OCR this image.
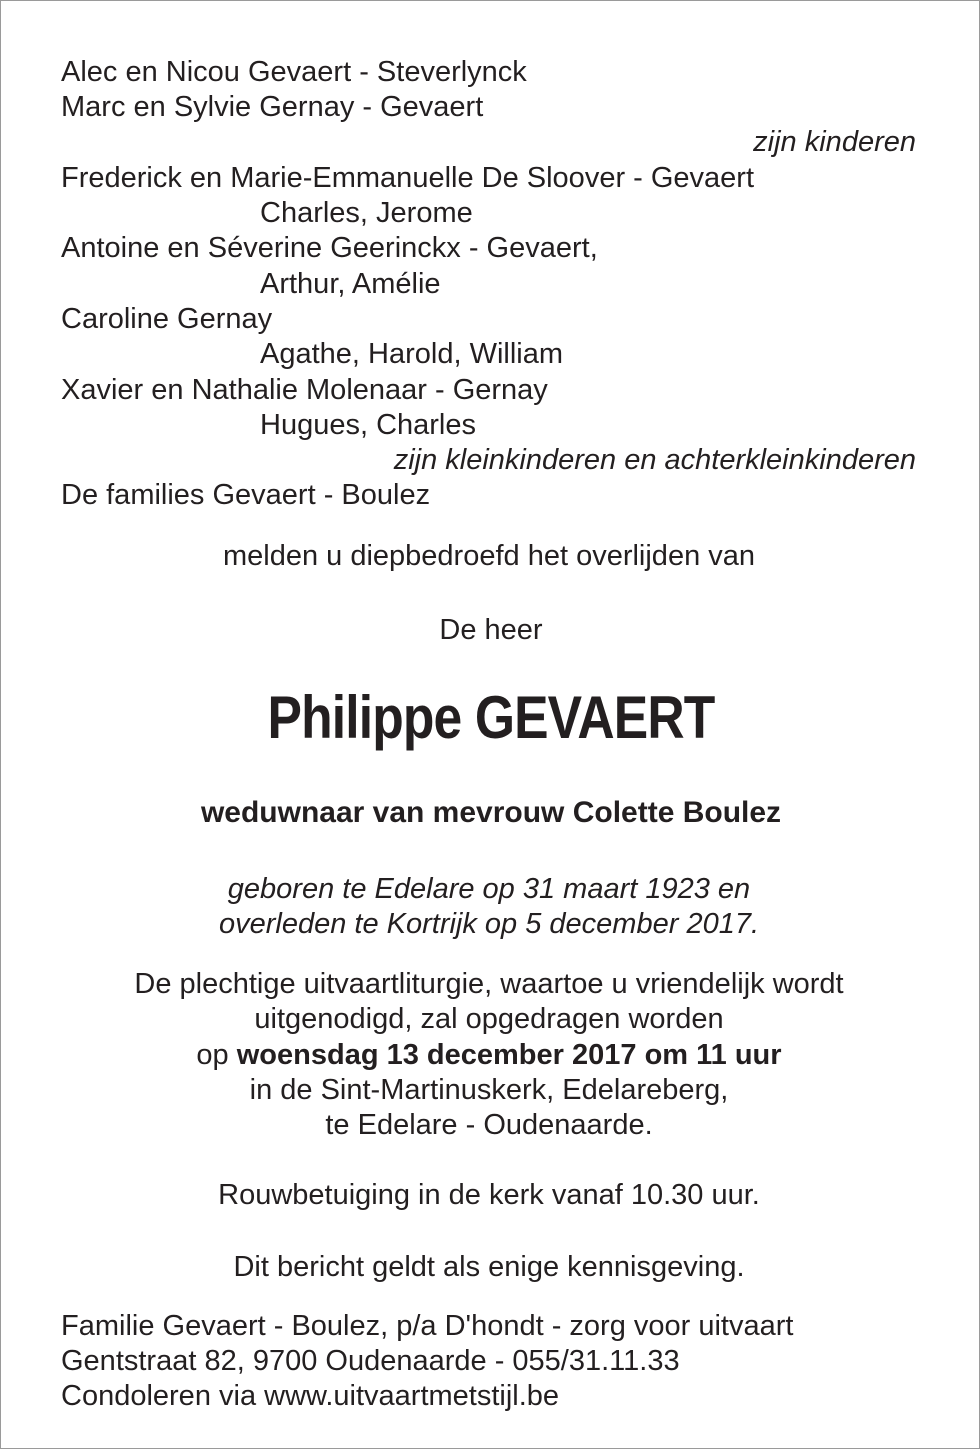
Alec en Nicou Gevaert - Steverlynck
Marc en Sylvie Gernay - Gevaert
zijn kinderen
Frederick en Marie-Emmanuelle De Sloover - Gevaert
Charles, Jerome
Antoine en Séverine Geerinckx - Gevaert,
Arthur, Amélie
Caroline Gernay
Agathe, Harold, William
Xavier en Nathalie Molenaar - Gernay
Hugues, Charles
zijn kleinkinderen en achterkleinkinderen
De families Gevaert - Boulez
melden u diepbedroefd het overlijden van
De heer
Philippe GEVAERT
weduwnaar van mevrouw Colette Boulez
geboren te Edelare op 31 maart 1923 en
overleden te Kortrijk op 5 december 2017.
De plechtige uitvaartliturgie, waartoe u vriendelijk wordt
uitgenodigd, zal opgedragen worden
op woensdag 13 december 2017 om 11 uur
in de Sint-Martinuskerk, Edelareberg,
te Edelare - Oudenaarde.
Rouwbetuiging in de kerk vanaf 10.30 uur.
Dit bericht geldt als enige kennisgeving.
Familie Gevaert - Boulez, p/a D'hondt - zorg voor uitvaart
Gentstraat 82, 9700 Oudenaarde - 055/31.11.33
Condoleren via www.uitvaartmetstijl.be
